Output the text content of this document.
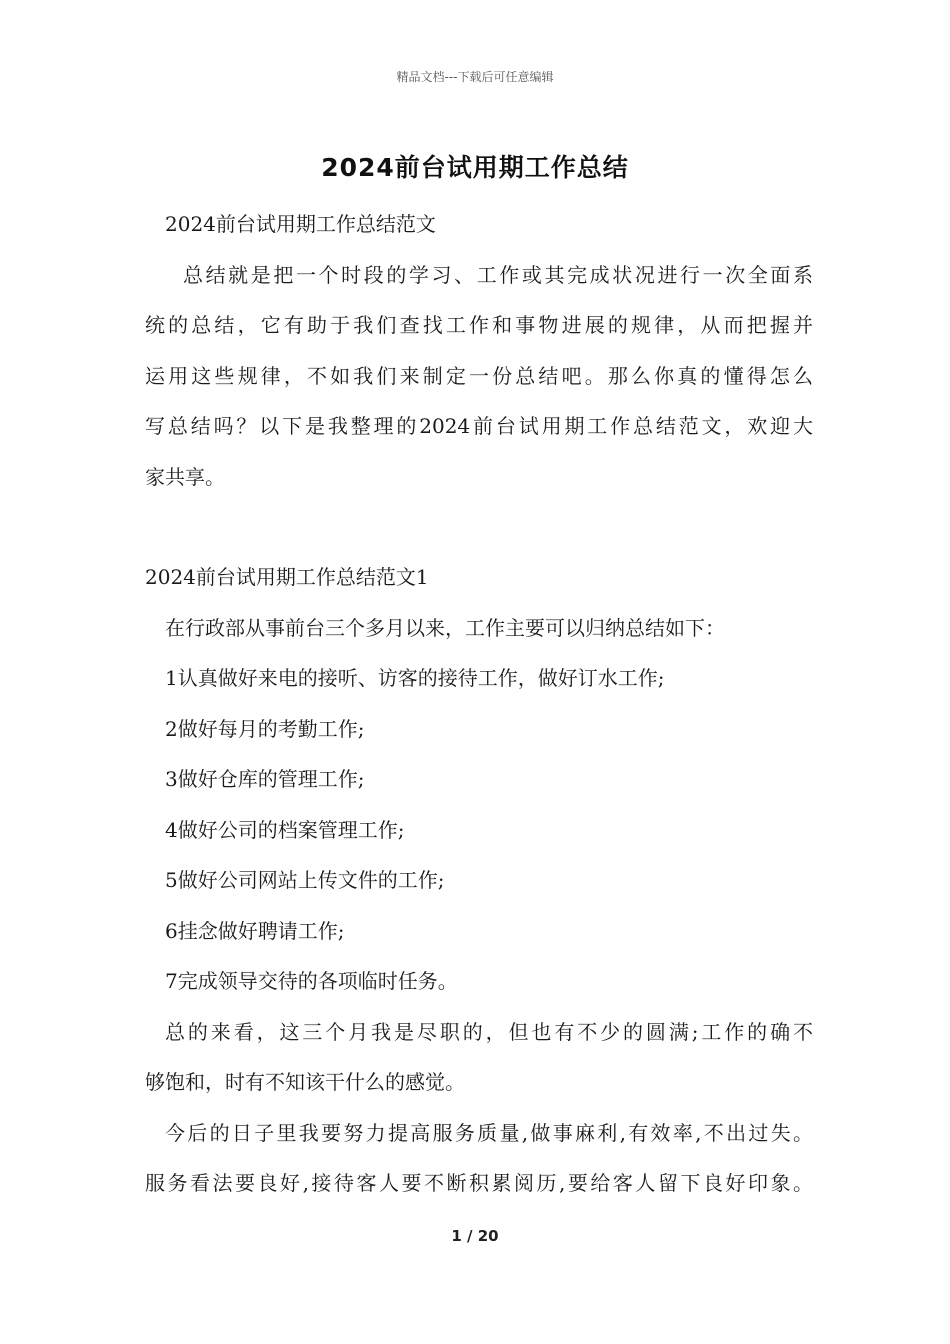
精品文档---下载后可任意编辑
2024前台试用期工作总结

2024前台试用期工作总结范文

总结就是把一个时段的学习、工作或其完成状况进行一次全面系

统的总结，它有助于我们查找工作和事物进展的规律，从而把握并

运用这些规律，不如我们来制定一份总结吧。那么你真的懂得怎么

写总结吗？以下是我整理的2024前台试用期工作总结范文，欢迎大

家共享。

2024前台试用期工作总结范文1

在行政部从事前台三个多月以来，工作主要可以归纳总结如下：

1认真做好来电的接听、访客的接待工作，做好订水工作;

2做好每月的考勤工作;

3做好仓库的管理工作;

4做好公司的档案管理工作;

5做好公司网站上传文件的工作;

6挂念做好聘请工作;

7完成领导交待的各项临时任务。

总的来看，这三个月我是尽职的，但也有不少的圆满;工作的确不

够饱和，时有不知该干什么的感觉。

今后的日子里我要努力提高服务质量,做事麻利,有效率,不出过失。

服务看法要良好,接待客人要不断积累阅历,要给客人留下良好印象。

1 / 20
